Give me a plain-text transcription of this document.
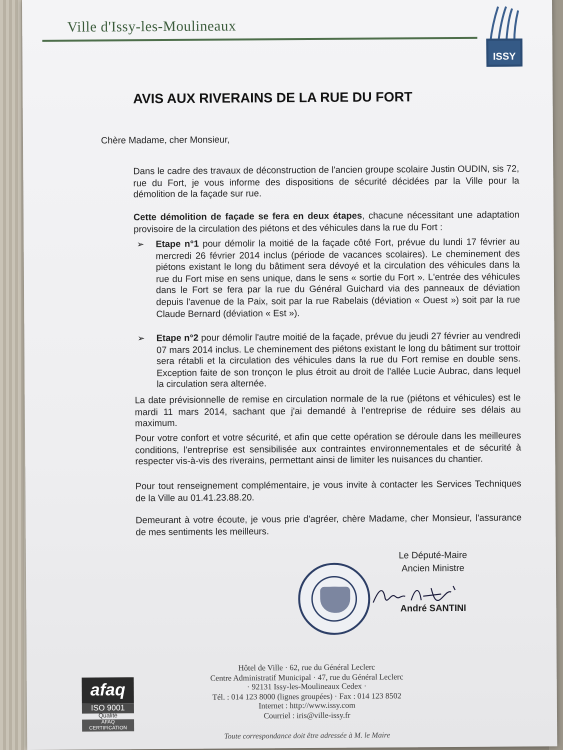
Ville d'Issy-les-Moulineaux
ISSY
AVIS AUX RIVERAINS DE LA RUE DU FORT
Chère Madame, cher Monsieur,
Dans le cadre des travaux de déconstruction de l'ancien groupe scolaire Justin OUDIN, sis 72, rue du Fort, je vous informe des dispositions de sécurité décidées par la Ville pour la démolition de la façade sur rue.
Cette démolition de façade se fera en deux étapes, chacune nécessitant une adaptation provisoire de la circulation des piétons et des véhicules dans la rue du Fort :
➢ Etape n°1 pour démolir la moitié de la façade côté Fort, prévue du lundi 17 février au mercredi 26 février 2014 inclus (période de vacances scolaires). Le cheminement des piétons existant le long du bâtiment sera dévoyé et la circulation des véhicules dans la rue du Fort mise en sens unique, dans le sens « sortie du Fort ». L'entrée des véhicules dans le Fort se fera par la rue du Général Guichard via des panneaux de déviation depuis l'avenue de la Paix, soit par la rue Rabelais (déviation « Ouest ») soit par la rue Claude Bernard (déviation « Est »).
➢ Etape n°2 pour démolir l'autre moitié de la façade, prévue du jeudi 27 février au vendredi 07 mars 2014 inclus. Le cheminement des piétons existant le long du bâtiment sur trottoir sera rétabli et la circulation des véhicules dans la rue du Fort remise en double sens. Exception faite de son tronçon le plus étroit au droit de l'allée Lucie Aubrac, dans lequel la circulation sera alternée.
La date prévisionnelle de remise en circulation normale de la rue (piétons et véhicules) est le mardi 11 mars 2014, sachant que j'ai demandé à l'entreprise de réduire ses délais au maximum.
Pour votre confort et votre sécurité, et afin que cette opération se déroule dans les meilleures conditions, l'entreprise est sensibilisée aux contraintes environnementales et de sécurité à respecter vis-à-vis des riverains, permettant ainsi de limiter les nuisances du chantier.
Pour tout renseignement complémentaire, je vous invite à contacter les Services Techniques de la Ville au 01.41.23.88.20.
Demeurant à votre écoute, je vous prie d'agréer, chère Madame, cher Monsieur, l'assurance de mes sentiments les meilleurs.
Le Député-Maire
Ancien Ministre
André SANTINI
afaq
ISO 9001
Qualité
AFAQ CERTIFICATION
Hôtel de Ville · 62, rue du Général Leclerc
Centre Administratif Municipal · 47, rue du Général Leclerc
· 92131 Issy-les-Moulineaux Cedex ·
Tél. : 014 123 8000 (lignes groupées) · Fax : 014 123 8502
Internet : http://www.issy.com
Courriel : iris@ville-issy.fr
Toute correspondance doit être adressée à M. le Maire
